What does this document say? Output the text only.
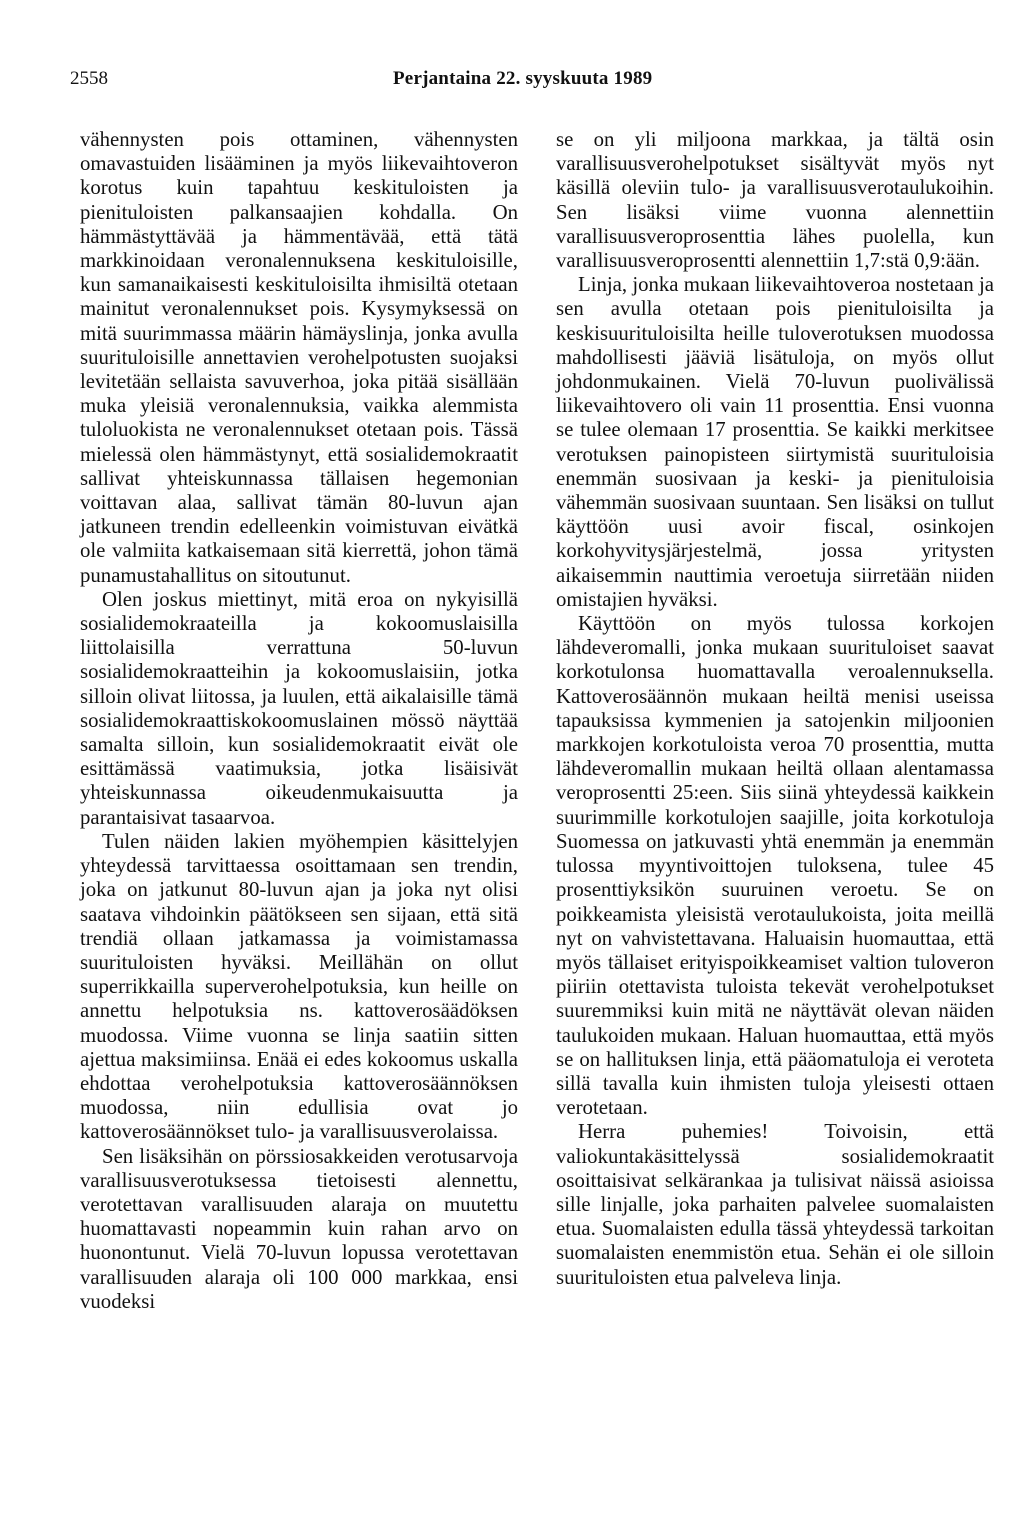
2558	Perjantaina 22. syyskuuta 1989

vähennysten pois ottaminen, vähennysten omavastuiden lisääminen ja myös liikevaihtoveron korotus kuin tapahtuu keskituloisten ja pienituloisten palkansaajien kohdalla. On hämmästyttävää ja hämmentävää, että tätä markkinoidaan veronalennuksena keskituloisille, kun samanaikaisesti keskituloisilta ihmisiltä otetaan mainitut veronalennukset pois. Kysymyksessä on mitä suurimmassa määrin hämäyslinja, jonka avulla suurituloisille annettavien verohelpotusten suojaksi levitetään sellaista savuverhoa, joka pitää sisällään muka yleisiä veronalennuksia, vaikka alemmista tuloluokista ne veronalennukset otetaan pois. Tässä mielessä olen hämmästynyt, että sosialidemokraatit sallivat yhteiskunnassa tällaisen hegemonian voittavan alaa, sallivat tämän 80-luvun ajan jatkuneen trendin edelleenkin voimistuvan eivätkä ole valmiita katkaisemaan sitä kierrettä, johon tämä punamustahallitus on sitoutunut.

Olen joskus miettinyt, mitä eroa on nykyisillä sosialidemokraateilla ja kokoomuslaisilla liittolaisilla verrattuna 50-luvun sosialidemokraatteihin ja kokoomuslaisiin, jotka silloin olivat liitossa, ja luulen, että aikalaisille tämä sosialidemokraattiskokoomuslainen mössö näyttää samalta silloin, kun sosialidemokraatit eivät ole esittämässä vaatimuksia, jotka lisäisivät yhteiskunnassa oikeudenmukaisuutta ja parantaisivat tasaarvoa.

Tulen näiden lakien myöhempien käsittelyjen yhteydessä tarvittaessa osoittamaan sen trendin, joka on jatkunut 80-luvun ajan ja joka nyt olisi saatava vihdoinkin päätökseen sen sijaan, että sitä trendiä ollaan jatkamassa ja voimistamassa suurituloisten hyväksi. Meillähän on ollut superrikkailla superverohelpotuksia, kun heille on annettu helpotuksia ns. kattoverosäädöksen muodossa. Viime vuonna se linja saatiin sitten ajettua maksimiinsa. Enää ei edes kokoomus uskalla ehdottaa verohelpotuksia kattoverosäännöksen muodossa, niin edullisia ovat jo kattoverosäännökset tulo- ja varallisuusverolaissa.

Sen lisäksihän on pörssiosakkeiden verotusarvoja varallisuusverotuksessa tietoisesti alennettu, verotettavan varallisuuden alaraja on muutettu huomattavasti nopeammin kuin rahan arvo on huonontunut. Vielä 70-luvun lopussa verotettavan varallisuuden alaraja oli 100 000 markkaa, ensi vuodeksi

se on yli miljoona markkaa, ja tältä osin varallisuusverohelpotukset sisältyvät myös nyt käsillä oleviin tulo- ja varallisuusverotaulukoihin. Sen lisäksi viime vuonna alennettiin varallisuusveroprosenttia lähes puolella, kun varallisuusveroprosentti alennettiin 1,7:stä 0,9:ään.

Linja, jonka mukaan liikevaihtoveroa nostetaan ja sen avulla otetaan pois pienituloisilta ja keskisuurituloisilta heille tuloverotuksen muodossa mahdollisesti jääviä lisätuloja, on myös ollut johdonmukainen. Vielä 70-luvun puolivälissä liikevaihtovero oli vain 11 prosenttia. Ensi vuonna se tulee olemaan 17 prosenttia. Se kaikki merkitsee verotuksen painopisteen siirtymistä suurituloisia enemmän suosivaan ja keski- ja pienituloisia vähemmän suosivaan suuntaan. Sen lisäksi on tullut käyttöön uusi avoir fiscal, osinkojen korkohyvitysjärjestelmä, jossa yritysten aikaisemmin nauttimia veroetuja siirretään niiden omistajien hyväksi.

Käyttöön on myös tulossa korkojen lähdeveromalli, jonka mukaan suurituloiset saavat korkotulonsa huomattavalla veroalennuksella. Kattoverosäännön mukaan heiltä menisi useissa tapauksissa kymmenien ja satojenkin miljoonien markkojen korkotuloista veroa 70 prosenttia, mutta lähdeveromallin mukaan heiltä ollaan alentamassa veroprosentti 25:een. Siis siinä yhteydessä kaikkein suurimmille korkotulojen saajille, joita korkotuloja Suomessa on jatkuvasti yhtä enemmän ja enemmän tulossa myyntivoittojen tuloksena, tulee 45 prosenttiyksikön suuruinen veroetu. Se on poikkeamista yleisistä verotaulukoista, joita meillä nyt on vahvistettavana. Haluaisin huomauttaa, että myös tällaiset erityispoikkeamiset valtion tuloveron piiriin otettavista tuloista tekevät verohelpotukset suuremmiksi kuin mitä ne näyttävät olevan näiden taulukoiden mukaan. Haluan huomauttaa, että myös se on hallituksen linja, että pääomatuloja ei veroteta sillä tavalla kuin ihmisten tuloja yleisesti ottaen verotetaan.

Herra puhemies! Toivoisin, että valiokuntakäsittelyssä sosialidemokraatit osoittaisivat selkärankaa ja tulisivat näissä asioissa sille linjalle, joka parhaiten palvelee suomalaisten etua. Suomalaisten edulla tässä yhteydessä tarkoitan suomalaisten enemmistön etua. Sehän ei ole silloin suurituloisten etua palveleva linja.
